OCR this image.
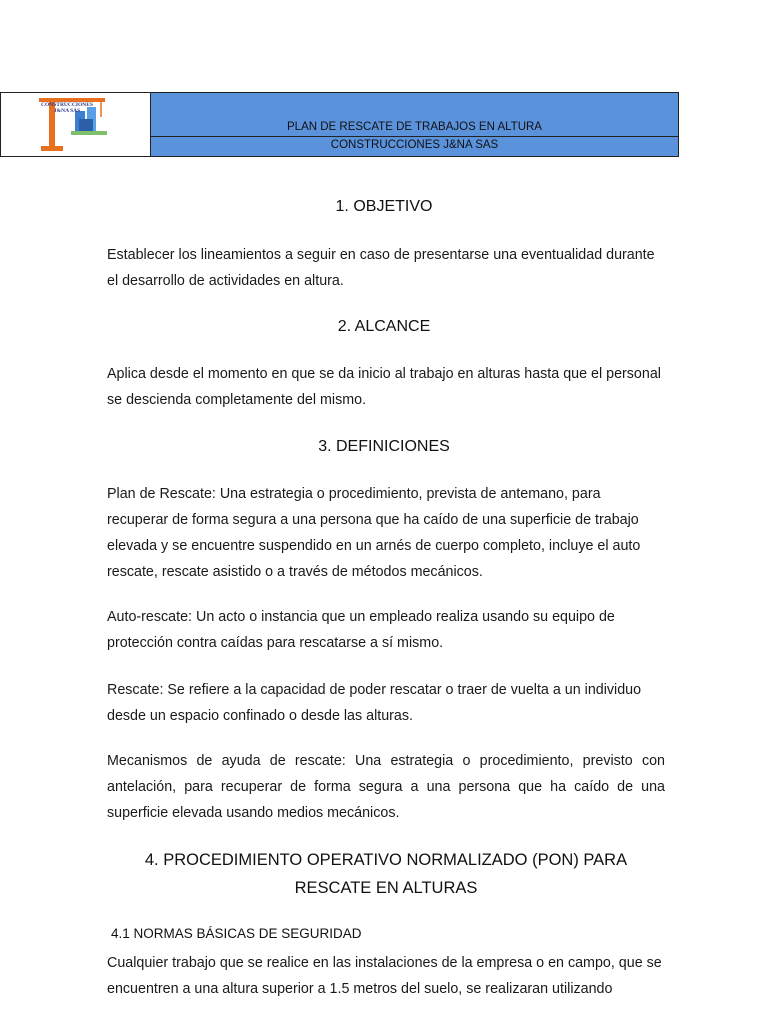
CONSTRUCCIONES
J&NA SAS
PLAN DE RESCATE DE TRABAJOS EN ALTURA
CONSTRUCCIONES J&NA SAS
1. OBJETIVO

Establecer los lineamientos a seguir en caso de presentarse una eventualidad durante el desarrollo de actividades en altura.

2. ALCANCE

Aplica desde el momento en que se da inicio al trabajo en alturas hasta que el personal se descienda completamente del mismo.

3. DEFINICIONES

Plan de Rescate: Una estrategia o procedimiento, prevista de antemano, para recuperar de forma segura a una persona que ha caído de una superficie de trabajo elevada y se encuentre suspendido en un arnés de cuerpo completo, incluye el auto rescate, rescate asistido o a través de métodos mecánicos.

Auto-rescate: Un acto o instancia que un empleado realiza usando su equipo de protección contra caídas para rescatarse a sí mismo.

Rescate: Se refiere a la capacidad de poder rescatar o traer de vuelta a un individuo desde un espacio confinado o desde las alturas.

Mecanismos de ayuda de rescate: Una estrategia o procedimiento, previsto con antelación, para recuperar de forma segura a una persona que ha caído de una superficie elevada usando medios mecánicos.

4. PROCEDIMIENTO OPERATIVO NORMALIZADO (PON) PARA
RESCATE EN ALTURAS
4.1 NORMAS BÁSICAS DE SEGURIDAD

Cualquier trabajo que se realice en las instalaciones de la empresa o en campo, que se encuentren a una altura superior a 1.5 metros del suelo, se realizaran utilizando
